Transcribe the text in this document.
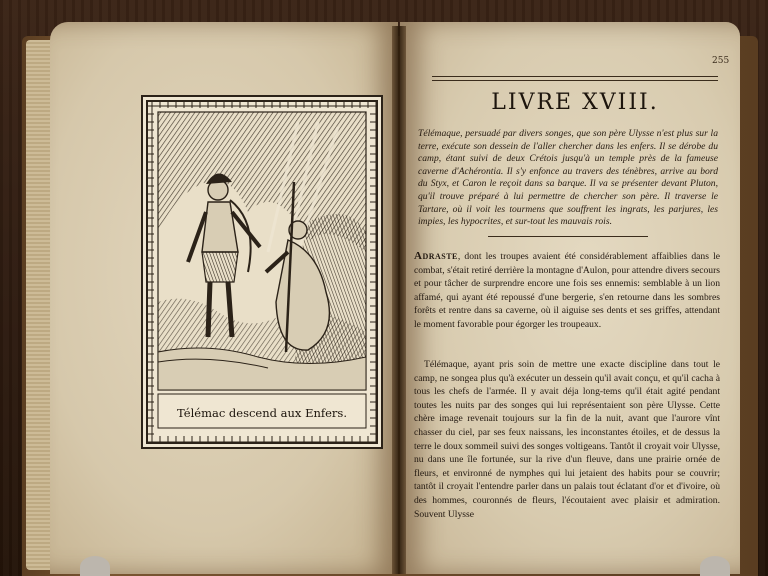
Télémac descend aux Enfers.
255
LIVRE XVIII.
Télémaque, persuadé par divers songes, que son père Ulysse n'est plus sur la terre, exécute son dessein de l'aller chercher dans les enfers. Il se dérobe du camp, étant suivi de deux Crétois jusqu'à un temple près de la fameuse caverne d'Achérontia. Il s'y enfonce au travers des ténèbres, arrive au bord du Styx, et Caron le reçoit dans sa barque. Il va se présenter devant Pluton, qu'il trouve préparé à lui permettre de chercher son père. Il traverse le Tartare, où il voit les tourmens que souffrent les ingrats, les parjures, les impies, les hypocrites, et sur-tout les mauvais rois.
Adraste, dont les troupes avaient été considérablement affaiblies dans le combat, s'était retiré derrière la montagne d'Aulon, pour attendre divers secours et pour tâcher de surprendre encore une fois ses ennemis: semblable à un lion affamé, qui ayant été repoussé d'une bergerie, s'en retourne dans les sombres forêts et rentre dans sa caverne, où il aiguise ses dents et ses griffes, attendant le moment favorable pour égorger les troupeaux.
Télémaque, ayant pris soin de mettre une exacte discipline dans tout le camp, ne songea plus qu'à exécuter un dessein qu'il avait conçu, et qu'il cacha à tous les chefs de l'armée. Il y avait déja long-tems qu'il était agité pendant toutes les nuits par des songes qui lui représentaient son père Ulysse. Cette chère image revenait toujours sur la fin de la nuit, avant que l'aurore vînt chasser du ciel, par ses feux naissans, les inconstantes étoiles, et de dessus la terre le doux sommeil suivi des songes voltigeans. Tantôt il croyait voir Ulysse, nu dans une île fortunée, sur la rive d'un fleuve, dans une prairie ornée de fleurs, et environné de nymphes qui lui jetaient des habits pour se couvrir; tantôt il croyait l'entendre parler dans un palais tout éclatant d'or et d'ivoire, où des hommes, couronnés de fleurs, l'écoutaient avec plaisir et admiration. Souvent Ulysse
